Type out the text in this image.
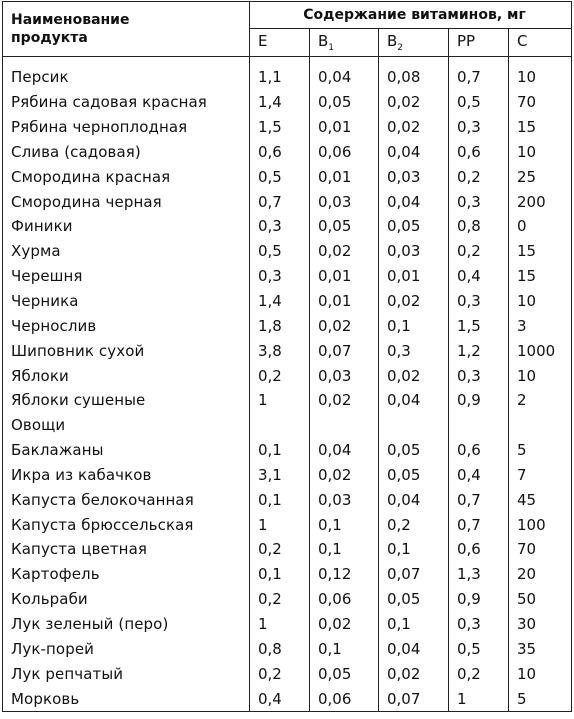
Наименование
продукта	Содержание витаминов, мг				
	E	$B_1$	$B_2$	PP	C
Персик	1,1	0,04	0,08	0,7	10
Рябина садовая красная	1,4	0,05	0,02	0,5	70
Рябина черноплодная	1,5	0,01	0,02	0,3	15
Слива (садовая)	0,6	0,06	0,04	0,6	10
Смородина красная	0,5	0,01	0,03	0,2	25
Смородина черная	0,7	0,03	0,04	0,3	200
Финики	0,3	0,05	0,05	0,8	0
Хурма	0,5	0,02	0,03	0,2	15
Черешня	0,3	0,01	0,01	0,4	15
Черника	1,4	0,01	0,02	0,3	10
Чернослив	1,8	0,02	0,1	1,5	3
Шиповник сухой	3,8	0,07	0,3	1,2	1000
Яблоки	0,2	0,03	0,02	0,3	10
Яблоки сушеные	1	0,02	0,04	0,9	2
Овощи					
Баклажаны	0,1	0,04	0,05	0,6	5
Икра из кабачков	3,1	0,02	0,05	0,4	7
Капуста белокочанная	0,1	0,03	0,04	0,7	45
Капуста брюссельская	1	0,1	0,2	0,7	100
Капуста цветная	0,2	0,1	0,1	0,6	70
Картофель	0,1	0,12	0,07	1,3	20
Кольраби	0,2	0,06	0,05	0,9	50
Лук зеленый (перо)	1	0,02	0,1	0,3	30
Лук-порей	0,8	0,1	0,04	0,5	35
Лук репчатый	0,2	0,05	0,02	0,2	10
Морковь	0,4	0,06	0,07	1	5
